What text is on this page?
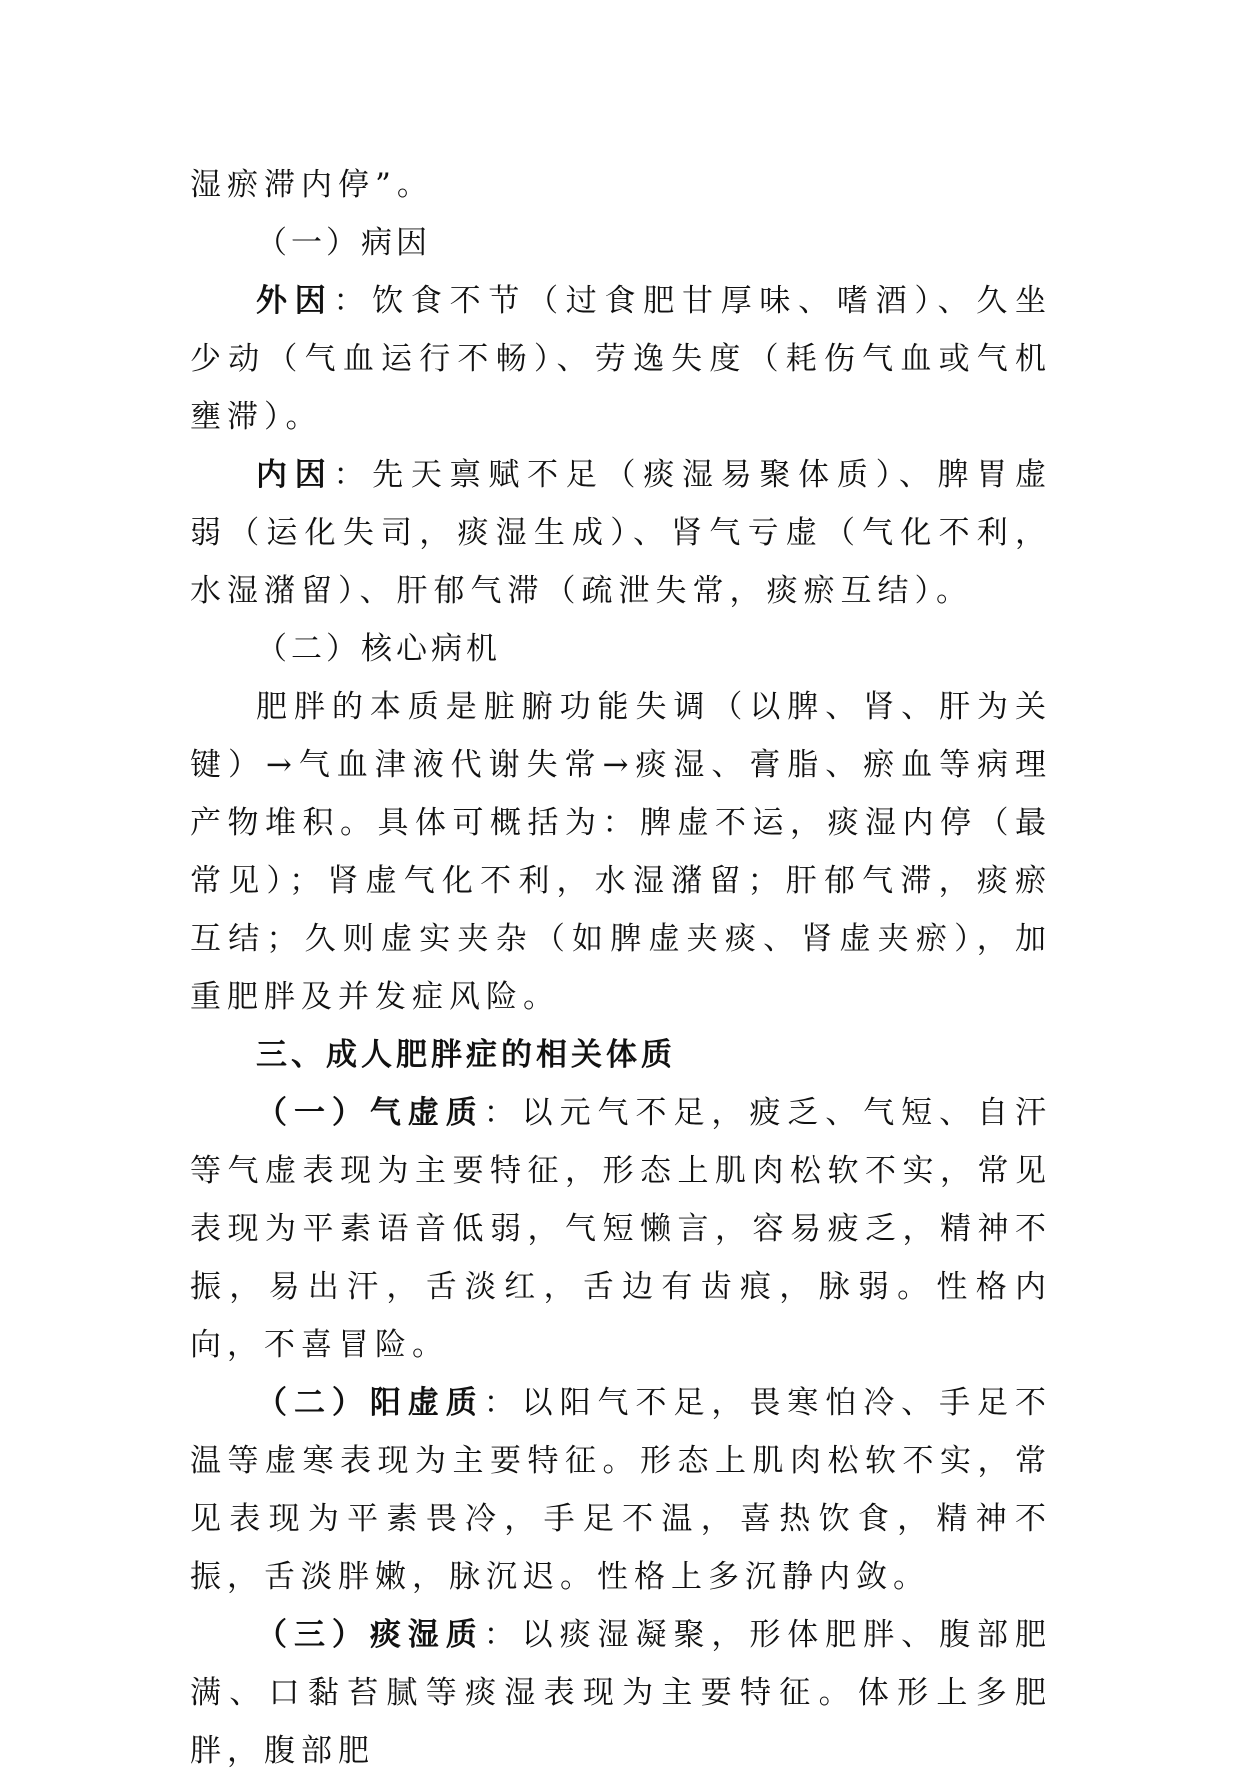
湿瘀滞内停”。

（一）病因

外因：饮食不节（过食肥甘厚味、嗜酒）、久坐少动（气血运行不畅）、劳逸失度（耗伤气血或气机壅滞）。

内因：先天禀赋不足（痰湿易聚体质）、脾胃虚弱（运化失司，痰湿生成）、肾气亏虚（气化不利，水湿潴留）、肝郁气滞（疏泄失常，痰瘀互结）。

（二）核心病机

肥胖的本质是脏腑功能失调（以脾、肾、肝为关键）→气血津液代谢失常→痰湿、膏脂、瘀血等病理产物堆积。具体可概括为：脾虚不运，痰湿内停（最常见）；肾虚气化不利，水湿潴留；肝郁气滞，痰瘀互结；久则虚实夹杂（如脾虚夹痰、肾虚夹瘀），加重肥胖及并发症风险。

三、成人肥胖症的相关体质

（一）气虚质：以元气不足，疲乏、气短、自汗等气虚表现为主要特征，形态上肌肉松软不实，常见表现为平素语音低弱，气短懒言，容易疲乏，精神不振，易出汗，舌淡红，舌边有齿痕，脉弱。性格内向，不喜冒险。

（二）阳虚质：以阳气不足，畏寒怕冷、手足不温等虚寒表现为主要特征。形态上肌肉松软不实，常见表现为平素畏冷，手足不温，喜热饮食，精神不振，舌淡胖嫩，脉沉迟。性格上多沉静内敛。

（三）痰湿质：以痰湿凝聚，形体肥胖、腹部肥满、口黏苔腻等痰湿表现为主要特征。体形上多肥胖，腹部肥
